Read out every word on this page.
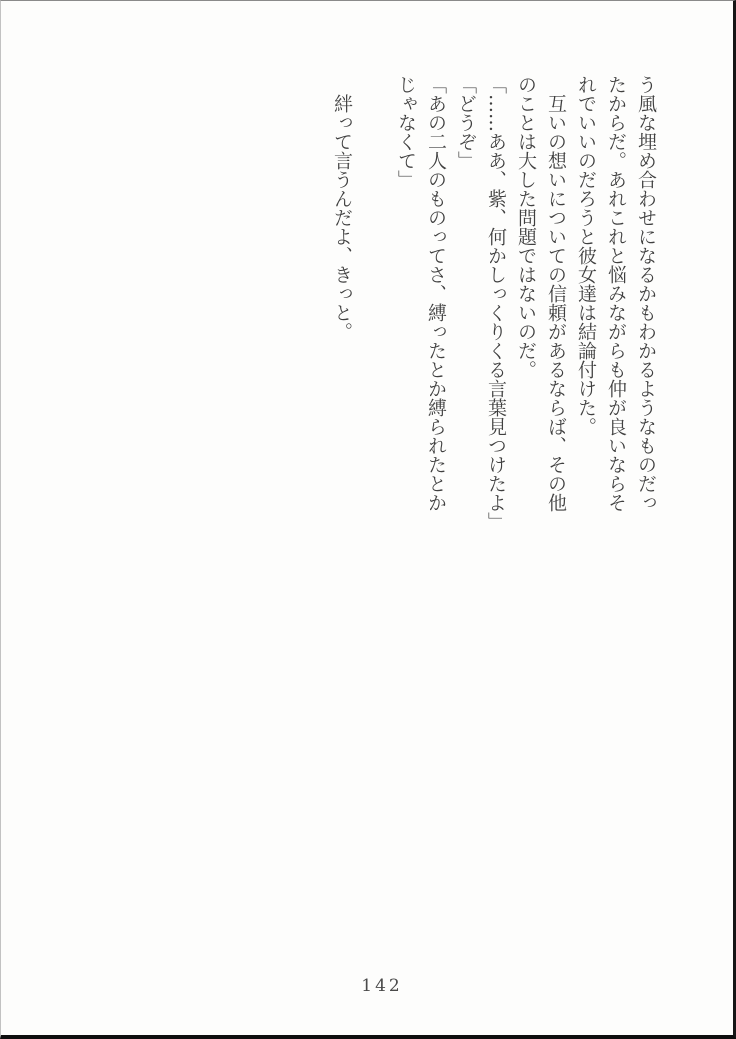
う風な埋め合わせになるかもわかるようなものだっ
たからだ。あれこれと悩みながらも仲が良いならそ
れでいいのだろうと彼女達は結論付けた。
　互いの想いについての信頼があるならば、その他
のことは大した問題ではないのだ。
「……ああ、紫、何かしっくりくる言葉見つけたよ」
「どうぞ」
「あの二人のものってさ、縛ったとか縛られたとか
じゃなくて」
　絆って言うんだよ、きっと。
142
